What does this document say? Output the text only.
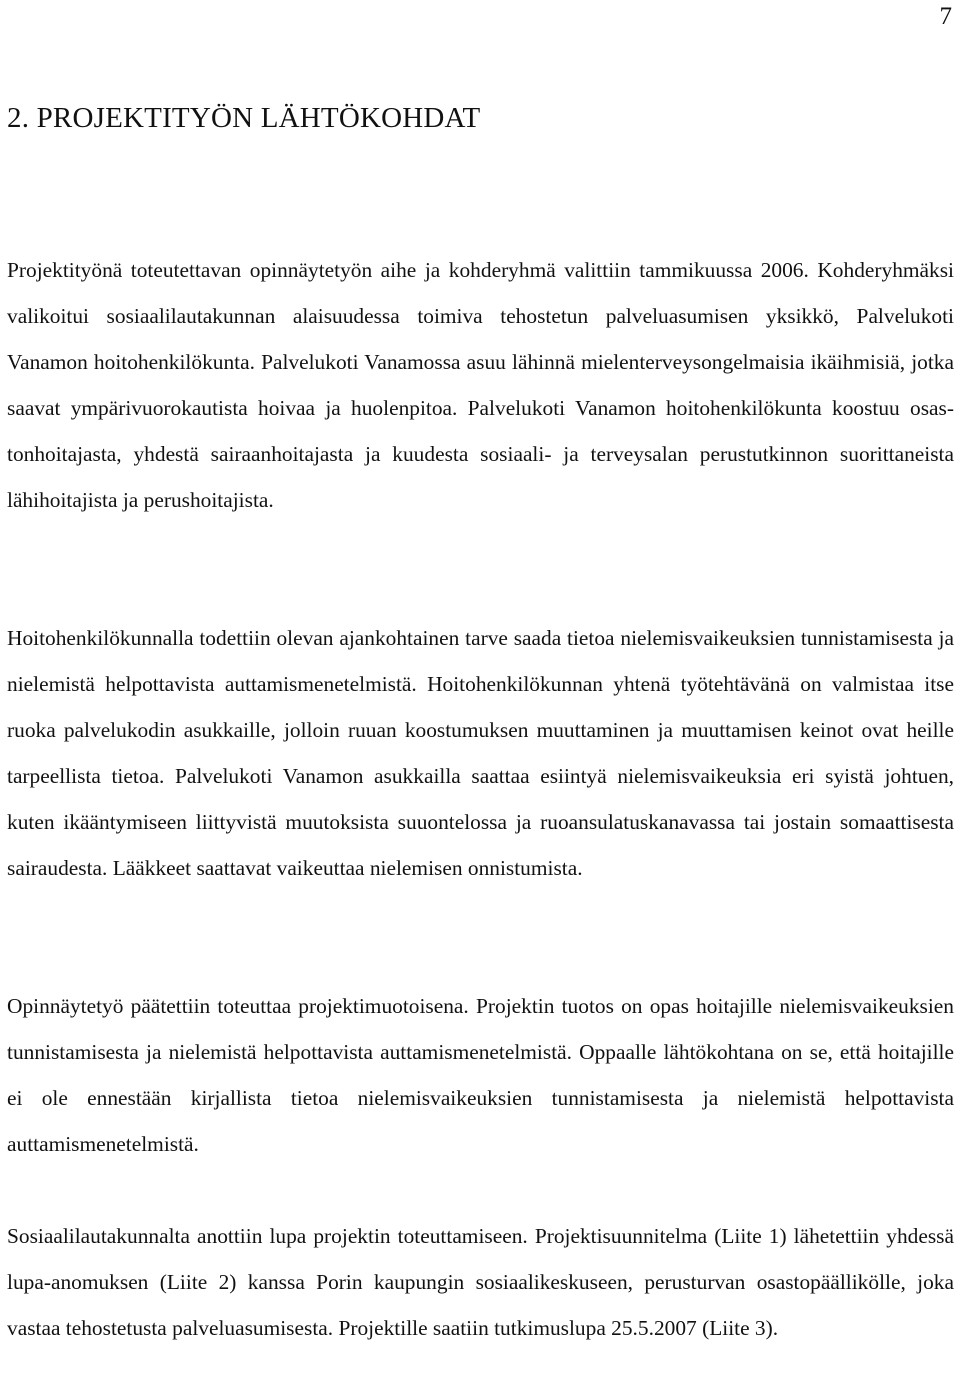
7
2. PROJEKTITYÖN LÄHTÖKOHDAT

Projektityönä toteutettavan opinnäytetyön aihe ja kohderyhmä valittiin tammikuussa 2006. Kohderyhmäksi valikoitui sosiaalilautakunnan alaisuudessa toimiva tehostetun palveluasumisen yksikkö, Palvelukoti Vanamon hoitohenkilökunta. Palvelukoti Vanamossa asuu lähinnä mielenterveysongelmaisia ikäihmisiä, jotka saavat ympärivuorokautista hoivaa ja huolenpitoa. Palvelukoti Vanamon hoitohenkilökunta koostuu osastonhoitajasta, yhdestä sairaanhoitajasta ja kuudesta sosiaali- ja terveysalan perustutkinnon suorittaneista lähihoitajista ja perushoitajista.

Hoitohenkilökunnalla todettiin olevan ajankohtainen tarve saada tietoa nielemisvaikeuksien tunnistamisesta ja nielemistä helpottavista auttamismenetelmistä. Hoitohenkilökunnan yhtenä työtehtävänä on valmistaa itse ruoka palvelukodin asukkaille, jolloin ruuan koostumuksen muuttaminen ja muuttamisen keinot ovat heille tarpeellista tietoa. Palvelukoti Vanamon asukkailla saattaa esiintyä nielemisvaikeuksia eri syistä johtuen, kuten ikääntymiseen liittyvistä muutoksista suuontelossa ja ruoansulatuskanavassa tai jostain somaattisesta sairaudesta. Lääkkeet saattavat vaikeuttaa nielemisen onnistumista.

Opinnäytetyö päätettiin toteuttaa projektimuotoisena. Projektin tuotos on opas hoitajille nielemisvaikeuksien tunnistamisesta ja nielemistä helpottavista auttamismenetelmistä. Oppaalle lähtökohtana on se, että hoitajille ei ole ennestään kirjallista tietoa nielemisvaikeuksien tunnistamisesta ja nielemistä helpottavista auttamismenetelmistä.

Sosiaalilautakunnalta anottiin lupa projektin toteuttamiseen. Projektisuunnitelma (Liite 1) lähetettiin yhdessä lupa-anomuksen (Liite 2) kanssa Porin kaupungin sosiaalikeskuseen, perusturvan osastopäällikölle, joka vastaa tehostetusta palveluasumisesta. Projektille saatiin tutkimuslupa 25.5.2007 (Liite 3).
